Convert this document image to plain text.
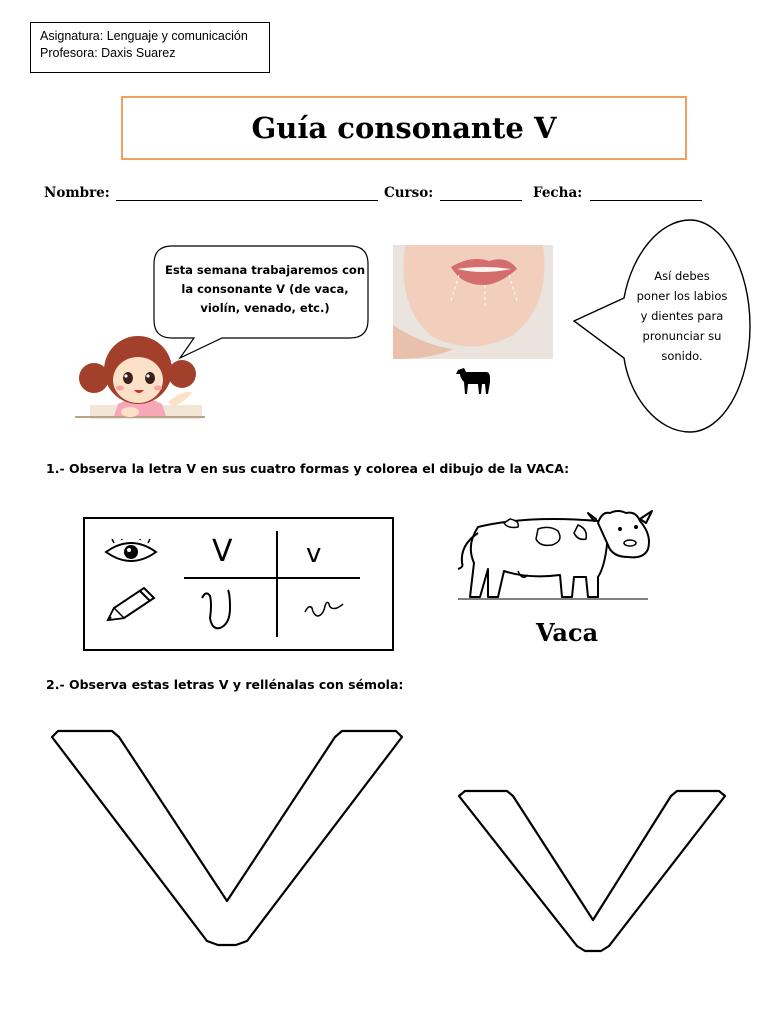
Asignatura: Lenguaje y comunicación
Profesora: Daxis Suarez
Guía consonante V
Nombre:	Curso:	Fecha:
Esta semana trabajaremos con la consonante V (de vaca, violín, venado, etc.)
Así debes poner los labios y dientes para pronunciar su sonido.
1.- Observa la letra V en sus cuatro formas y colorea el dibujo de la VACA:
V	v
Vaca
2.- Observa estas letras V y rellénalas con sémola:
